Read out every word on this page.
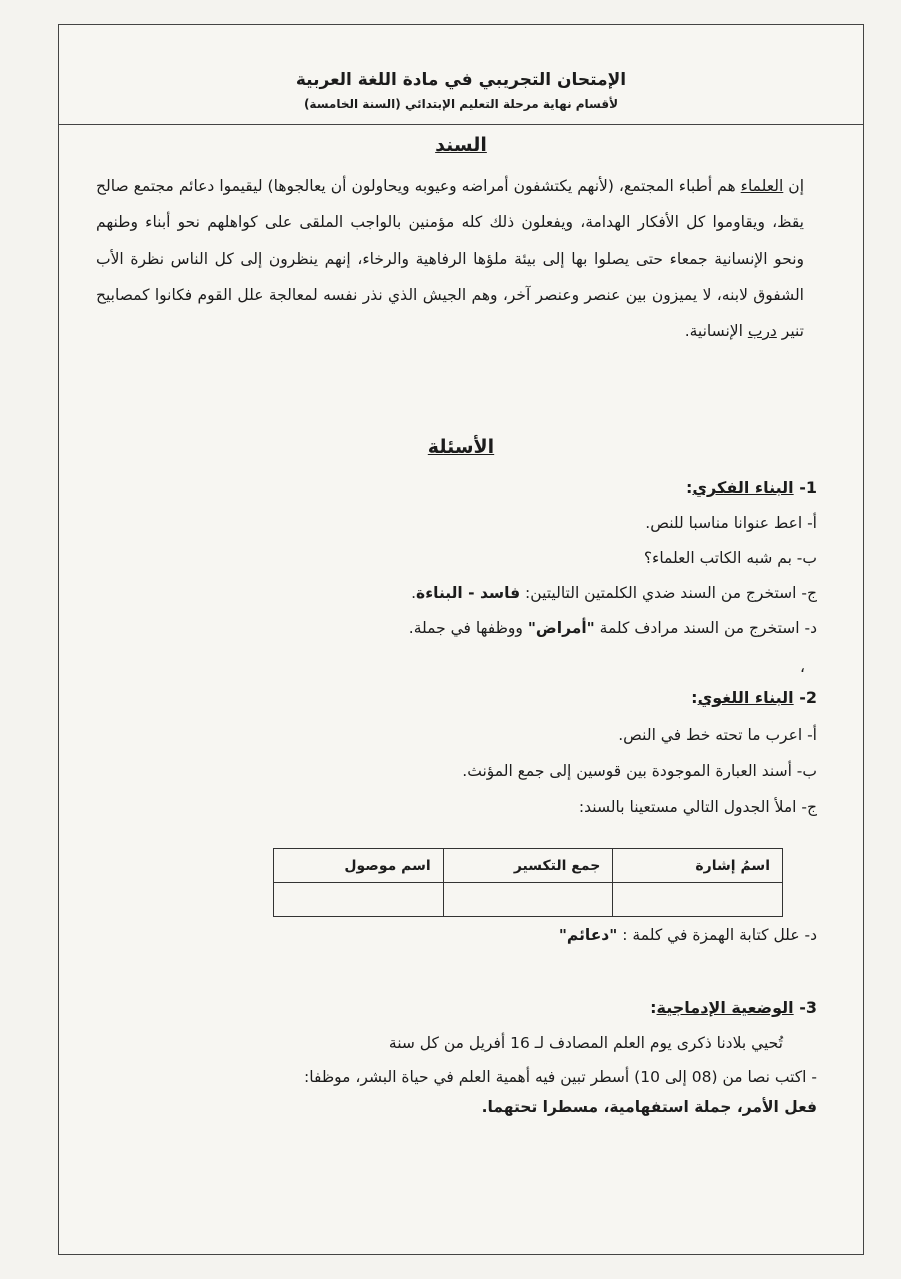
الإمتحان التجريبي في مادة اللغة العربية
لأقسام نهاية مرحلة التعليم الإبتدائي (السنة الخامسة)
السند
إن العلماء هم أطباء المجتمع، (لأنهم يكتشفون أمراضه وعيوبه ويحاولون أن يعالجوها) ليقيموا دعائم مجتمع صالح يقظ، ويقاوموا كل الأفكار الهدامة، ويفعلون ذلك كله مؤمنين بالواجب الملقى على كواهلهم نحو أبناء وطنهم ونحو الإنسانية جمعاء حتى يصلوا بها إلى بيئة ملؤها الرفاهية والرخاء، إنهم ينظرون إلى كل الناس نظرة الأب الشفوق لابنه، لا يميزون بين عنصر وعنصر آخر، وهم الجيش الذي نذر نفسه لمعالجة علل القوم فكانوا كمصابيح تنير درب الإنسانية.
الأسئلة
1- البناء الفكري:
أ- اعط عنوانا مناسبا للنص.
ب- بم شبه الكاتب العلماء؟
ج- استخرج من السند ضدي الكلمتين التاليتين: فاسد - البناءة.
د- استخرج من السند مرادف كلمة "أمراض" ووظفها في جملة.
،
2- البناء اللغوي:
أ- اعرب ما تحته خط في النص.
ب- أسند العبارة الموجودة بين قوسين إلى جمع المؤنث.
ج- املأ الجدول التالي مستعينا بالسند:
اسمُ إشارة	جمع التكسير	اسم موصول

د- علل كتابة الهمزة في كلمة : "دعائم"
3- الوضعية الإدماجية:
تُحيي بلادنا ذكرى يوم العلم المصادف لـ 16 أفريل من كل سنة
- اكتب نصا من (08 إلى 10) أسطر تبين فيه أهمية العلم في حياة البشر، موظفا:
فعل الأمر، جملة استفهامية، مسطرا تحتهما.
